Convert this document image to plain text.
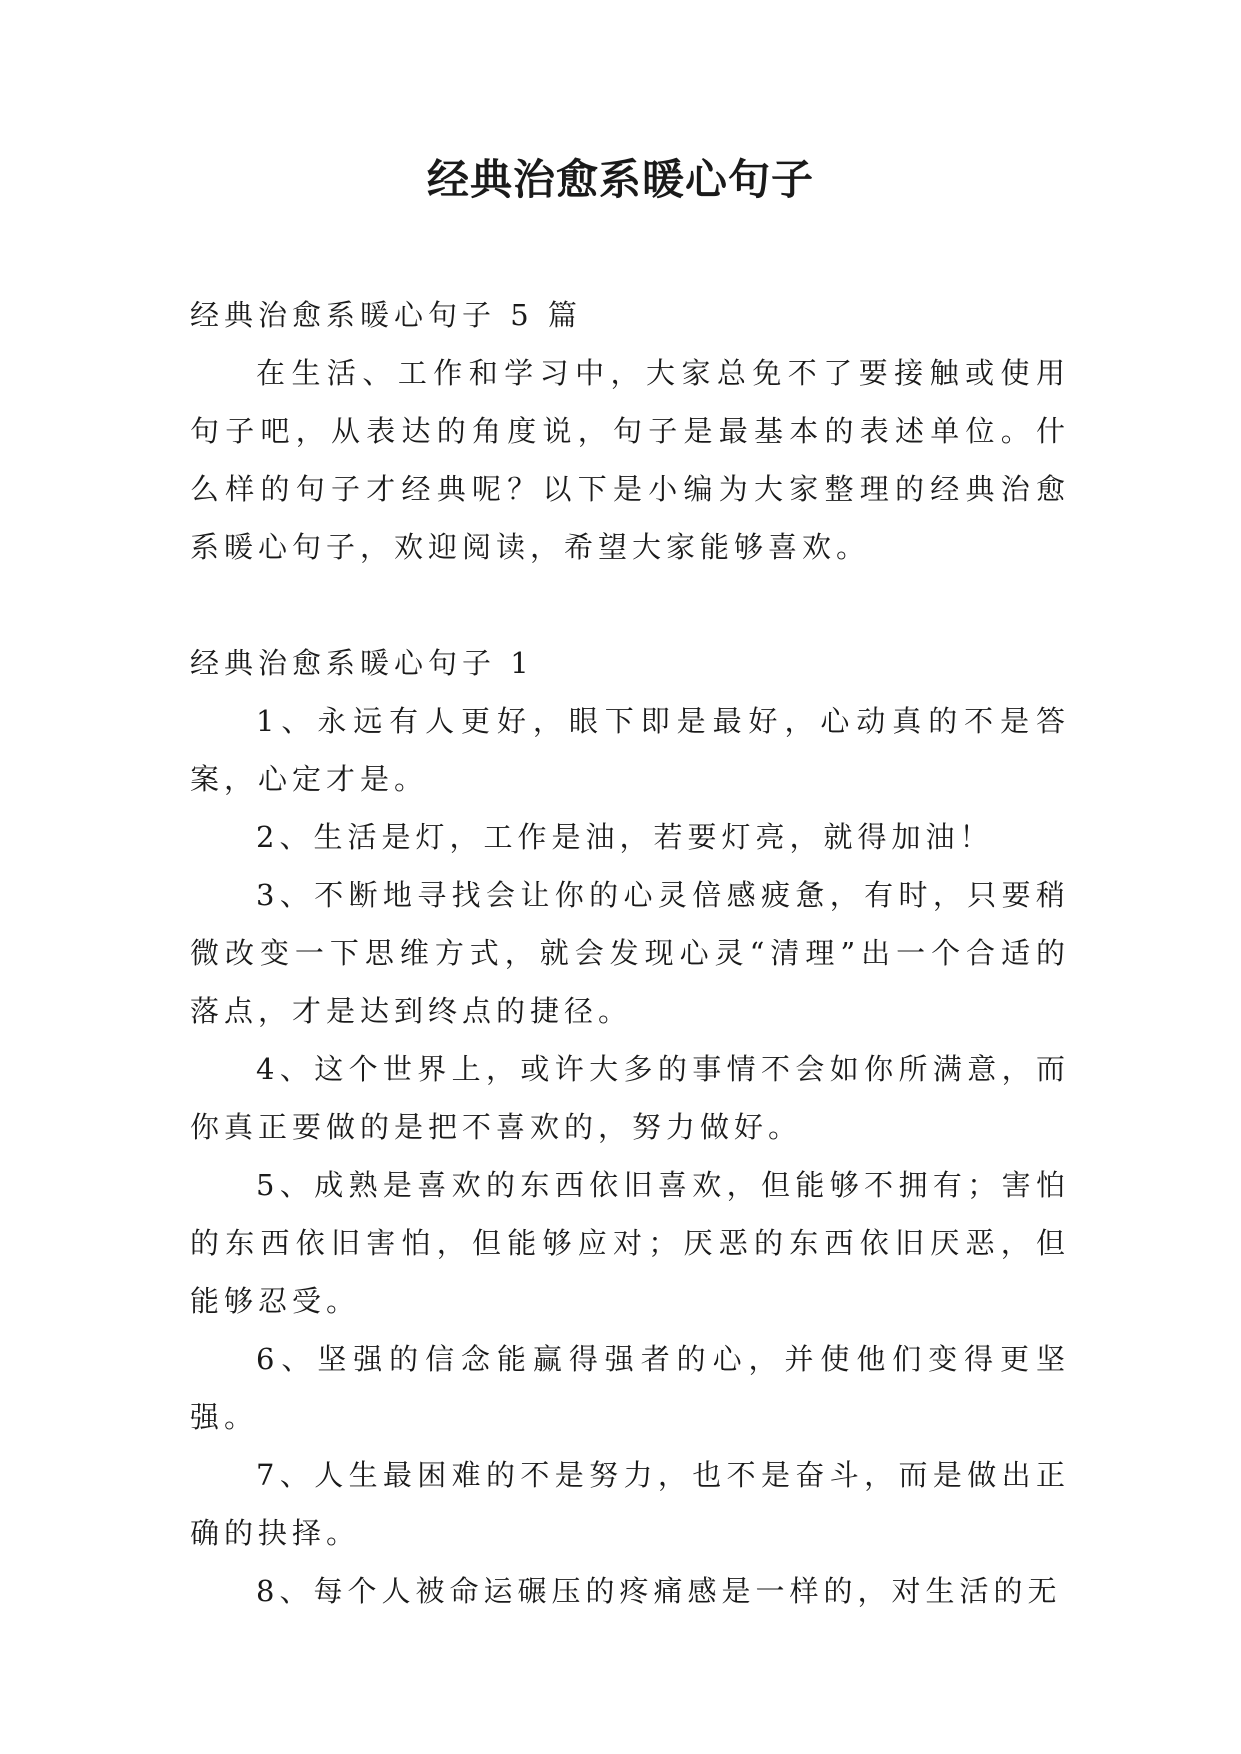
经典治愈系暖心句子

经典治愈系暖心句子 5 篇

在生活、工作和学习中，大家总免不了要接触或使用句子吧，从表达的角度说，句子是最基本的表述单位。什么样的句子才经典呢？以下是小编为大家整理的经典治愈系暖心句子，欢迎阅读，希望大家能够喜欢。

经典治愈系暖心句子 1

1、永远有人更好，眼下即是最好，心动真的不是答案，心定才是。

2、生活是灯，工作是油，若要灯亮，就得加油！

3、不断地寻找会让你的心灵倍感疲惫，有时，只要稍微改变一下思维方式，就会发现心灵“清理”出一个合适的落点，才是达到终点的捷径。

4、这个世界上，或许大多的事情不会如你所满意，而你真正要做的是把不喜欢的，努力做好。

5、成熟是喜欢的东西依旧喜欢，但能够不拥有；害怕的东西依旧害怕，但能够应对；厌恶的东西依旧厌恶，但能够忍受。

6、坚强的信念能赢得强者的心，并使他们变得更坚强。

7、人生最困难的不是努力，也不是奋斗，而是做出正确的抉择。

8、每个人被命运碾压的疼痛感是一样的，对生活的无
